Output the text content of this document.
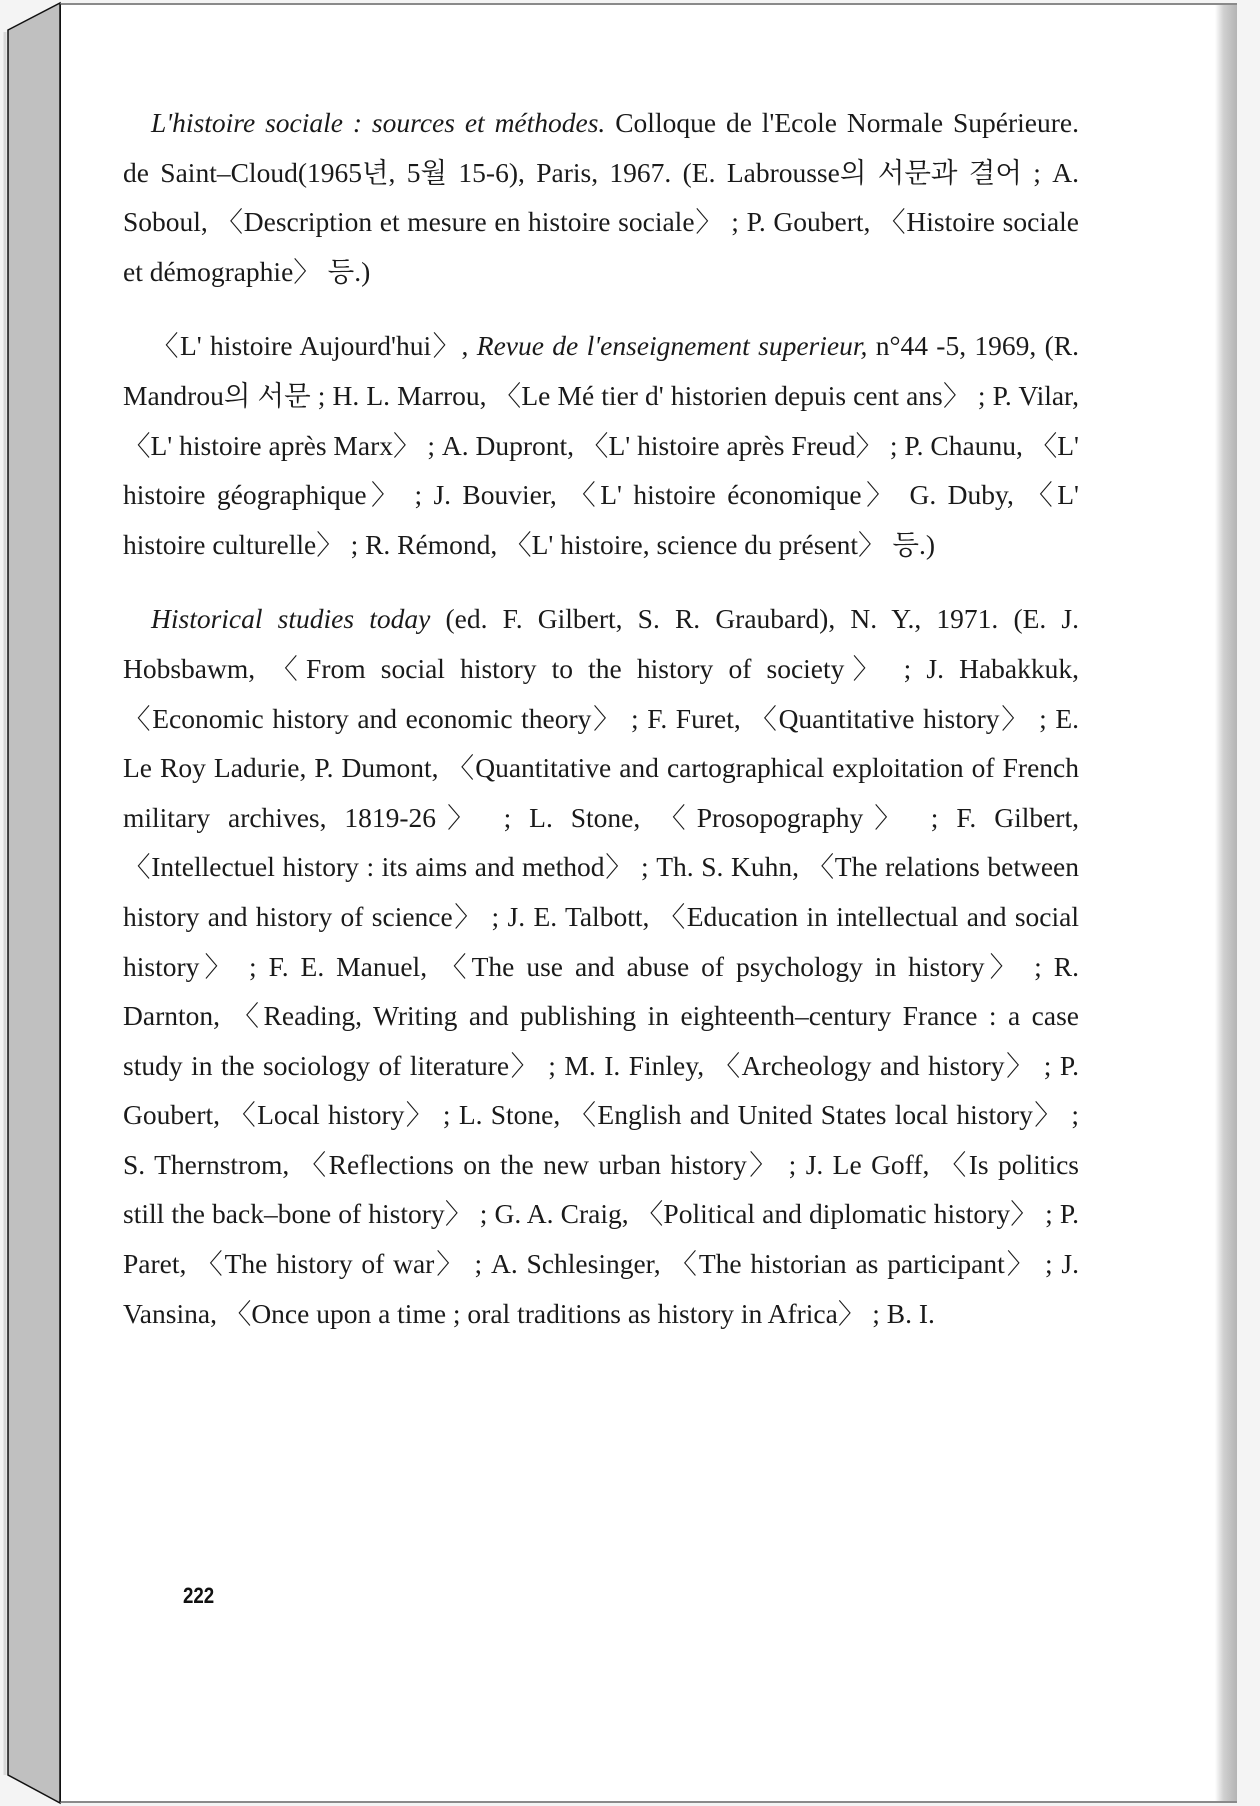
L'histoire sociale : sources et méthodes. Colloque de l'Ecole Normale Supérieure. de Saint–Cloud(1965년, 5월 15-6), Paris, 1967. (E. Labrousse의 서문과 결어 ; A. Soboul, 〈Description et mesure en histoire sociale〉 ; P. Goubert, 〈Histoire sociale et démographie〉 등.)

〈L' histoire Aujourd'hui〉, Revue de l'enseignement superieur, n°44 -5, 1969, (R. Mandrou의 서문 ; H. L. Marrou, 〈Le Mé tier d' historien depuis cent ans〉 ; P. Vilar, 〈L' histoire après Marx〉 ; A. Dupront, 〈L' histoire après Freud〉 ; P. Chaunu, 〈L' histoire géographique〉 ; J. Bouvier, 〈L' histoire économique〉 G. Duby, 〈L' histoire culturelle〉 ; R. Rémond, 〈L' histoire, science du présent〉 등.)

Historical studies today (ed. F. Gilbert, S. R. Graubard), N. Y., 1971. (E. J. Hobsbawm, 〈From social history to the history of society〉 ; J. Habakkuk, 〈Economic history and economic theory〉 ; F. Furet, 〈Quantitative history〉 ; E. Le Roy Ladurie, P. Dumont, 〈Quantitative and cartographical exploitation of French military archives, 1819-26〉 ; L. Stone, 〈Prosopography〉 ; F. Gilbert, 〈Intellectuel history : its aims and method〉 ; Th. S. Kuhn, 〈The relations between history and history of science〉 ; J. E. Talbott, 〈Education in intellectual and social history〉 ; F. E. Manuel, 〈The use and abuse of psychology in history〉 ; R. Darnton, 〈Reading, Writing and publishing in eighteenth–century France : a case study in the sociology of literature〉 ; M. I. Finley, 〈Archeology and history〉 ; P. Goubert, 〈Local history〉 ; L. Stone, 〈English and United States local history〉 ; S. Thernstrom, 〈Reflections on the new urban history〉 ; J. Le Goff, 〈Is politics still the back–bone of history〉 ; G. A. Craig, 〈Political and diplomatic history〉 ; P. Paret, 〈The history of war〉 ; A. Schlesinger, 〈The historian as participant〉 ; J. Vansina, 〈Once upon a time ; oral traditions as history in Africa〉 ; B. I.

222
